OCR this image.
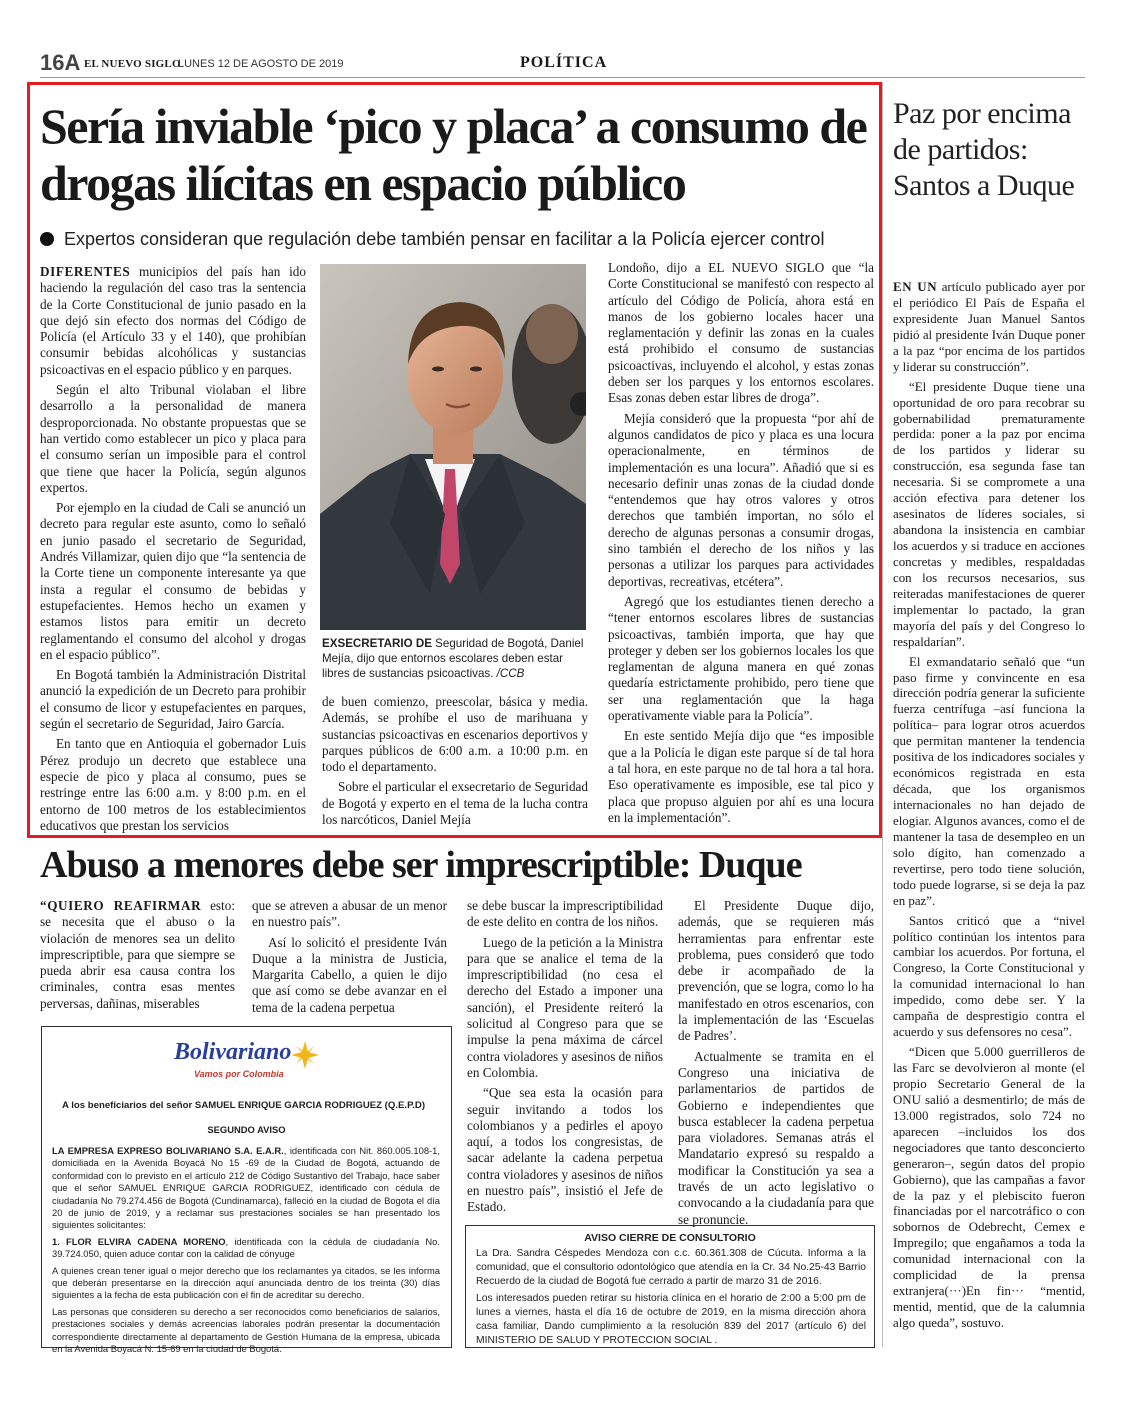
16A EL NUEVO SIGLO
LUNES 12 DE AGOSTO DE 2019	POLÍTICA
Sería inviable ‘pico y placa’ a consumo de drogas ilícitas en espacio público
Expertos consideran que regulación debe también pensar en facilitar a la Policía ejercer control

DIFERENTES municipios del país han ido haciendo la regulación del caso tras la sentencia de la Corte Constitucional de junio pasado en la que dejó sin efecto dos normas del Código de Policía (el Artículo 33 y el 140), que prohibían consumir bebidas alcohólicas y sustancias psicoactivas en el espacio público y en parques.

Según el alto Tribunal violaban el libre desarrollo a la personalidad de manera desproporcionada. No obstante propuestas que se han vertido como establecer un pico y placa para el consumo serían un imposible para el control que tiene que hacer la Policía, según algunos expertos.

Por ejemplo en la ciudad de Cali se anunció un decreto para regular este asunto, como lo señaló en junio pasado el secretario de Seguridad, Andrés Villamizar, quien dijo que “la sentencia de la Corte tiene un componente interesante ya que insta a regular el consumo de bebidas y estupefacientes. Hemos hecho un examen y estamos listos para emitir un decreto reglamentando el consumo del alcohol y drogas en el espacio público”.

En Bogotá también la Administración Distrital anunció la expedición de un Decreto para prohibir el consumo de licor y estupefacientes en parques, según el secretario de Seguridad, Jairo García.

En tanto que en Antioquia el gobernador Luis Pérez produjo un decreto que establece una especie de pico y placa al consumo, pues se restringe entre las 6:00 a.m. y 8:00 p.m. en el entorno de 100 metros de los establecimientos educativos que prestan los servicios

EXSECRETARIO DE Seguridad de Bogotá, Daniel Mejía, dijo que entornos escolares deben estar libres de sustancias psicoactivas. /CCB

de buen comienzo, preescolar, básica y media. Además, se prohíbe el uso de marihuana y sustancias psicoactivas en escenarios deportivos y parques públicos de 6:00 a.m. a 10:00 p.m. en todo el departamento.

Sobre el particular el exsecretario de Seguridad de Bogotá y experto en el tema de la lucha contra los narcóticos, Daniel Mejía

Londoño, dijo a EL NUEVO SIGLO que “la Corte Constitucional se manifestó con respecto al artículo del Código de Policía, ahora está en manos de los gobierno locales hacer una reglamentación y definir las zonas en la cuales está prohibido el consumo de sustancias psicoactivas, incluyendo el alcohol, y estas zonas deben ser los parques y los entornos escolares. Esas zonas deben estar libres de droga”.

Mejía consideró que la propuesta “por ahí de algunos candidatos de pico y placa es una locura operacionalmente, en términos de implementación es una locura”. Añadió que si es necesario definir unas zonas de la ciudad donde “entendemos que hay otros valores y otros derechos que también importan, no sólo el derecho de algunas personas a consumir drogas, sino también el derecho de los niños y las personas a utilizar los parques para actividades deportivas, recreativas, etcétera”.

Agregó que los estudiantes tienen derecho a “tener entornos escolares libres de sustancias psicoactivas, también importa, que hay que proteger y deben ser los gobiernos locales los que reglamentan de alguna manera en qué zonas quedaría estrictamente prohibido, pero tiene que ser una reglamentación que la haga operativamente viable para la Policía”.

En este sentido Mejía dijo que “es imposible que a la Policía le digan este parque sí de tal hora a tal hora, en este parque no de tal hora a tal hora. Eso operativamente es imposible, ese tal pico y placa que propuso alguien por ahí es una locura en la implementación”.

Paz por encima de partidos: Santos a Duque

EN UN artículo publicado ayer por el periódico El País de España el expresidente Juan Manuel Santos pidió al presidente Iván Duque poner a la paz “por encima de los partidos y liderar su construcción”.

“El presidente Duque tiene una oportunidad de oro para recobrar su gobernabilidad prematuramente perdida: poner a la paz por encima de los partidos y liderar su construcción, esa segunda fase tan necesaria. Si se compromete a una acción efectiva para detener los asesinatos de líderes sociales, si abandona la insistencia en cambiar los acuerdos y si traduce en acciones concretas y medibles, respaldadas con los recursos necesarios, sus reiteradas manifestaciones de querer implementar lo pactado, la gran mayoría del país y del Congreso lo respaldarían”.

El exmandatario señaló que “un paso firme y convincente en esa dirección podría generar la suficiente fuerza centrífuga –así funciona la política– para lograr otros acuerdos que permitan mantener la tendencia positiva de los indicadores sociales y económicos registrada en esta década, que los organismos internacionales no han dejado de elogiar. Algunos avances, como el de mantener la tasa de desempleo en un solo dígito, han comenzado a revertirse, pero todo tiene solución, todo puede lograrse, si se deja la paz en paz”.

Santos criticó que a “nivel político continúan los intentos para cambiar los acuerdos. Por fortuna, el Congreso, la Corte Constitucional y la comunidad internacional lo han impedido, como debe ser. Y la campaña de desprestigio contra el acuerdo y sus defensores no cesa”.

“Dicen que 5.000 guerrilleros de las Farc se devolvieron al monte (el propio Secretario General de la ONU salió a desmentirlo; de más de 13.000 registrados, solo 724 no aparecen –incluidos los dos negociadores que tanto desconcierto generaron–, según datos del propio Gobierno), que las campañas a favor de la paz y el plebiscito fueron financiadas por el narcotráfico o con sobornos de Odebrecht, Cemex e Impregilo; que engañamos a toda la comunidad internacional con la complicidad de la prensa extranjera(···)En fin··· “mentid, mentid, mentid, que de la calumnia algo queda”, sostuvo.

Abuso a menores debe ser imprescriptible: Duque

“QUIERO REAFIRMAR esto: se necesita que el abuso o la violación de menores sea un delito imprescriptible, para que siempre se pueda abrir esa causa contra los criminales, contra esas mentes perversas, dañinas, miserables

que se atreven a abusar de un menor en nuestro país”.

Así lo solicitó el presidente Iván Duque a la ministra de Justicia, Margarita Cabello, a quien le dijo que así como se debe avanzar en el tema de la cadena perpetua

se debe buscar la imprescriptibilidad de este delito en contra de los niños.

Luego de la petición a la Ministra para que se analice el tema de la imprescriptibilidad (no cesa el derecho del Estado a imponer una sanción), el Presidente reiteró la solicitud al Congreso para que se impulse la pena máxima de cárcel contra violadores y asesinos de niños en Colombia.

“Que sea esta la ocasión para seguir invitando a todos los colombianos y a pedirles el apoyo aquí, a todos los congresistas, de sacar adelante la cadena perpetua contra violadores y asesinos de niños en nuestro país”, insistió el Jefe de Estado.

El Presidente Duque dijo, además, que se requieren más herramientas para enfrentar este problema, pues consideró que todo debe ir acompañado de la prevención, que se logra, como lo ha manifestado en otros escenarios, con la implementación de las ‘Escuelas de Padres’.

Actualmente se tramita en el Congreso una iniciativa de parlamentarios de partidos de Gobierno e independientes que busca establecer la cadena perpetua para violadores. Semanas atrás el Mandatario expresó su respaldo a modificar la Constitución ya sea a través de un acto legislativo o convocando a la ciudadanía para que se pronuncie.

Bolivariano
Vamos por Colombia
A los beneficiarios del señor SAMUEL ENRIQUE GARCIA RODRIGUEZ (Q.E.P.D)
SEGUNDO AVISO

LA EMPRESA EXPRESO BOLIVARIANO S.A. E.A.R., identificada con Nit. 860.005.108-1, domiciliada en la Avenida Boyacá No 15 -69 de la Ciudad de Bogotá, actuando de conformidad con lo previsto en el artículo 212 de Código Sustantivo del Trabajo, hace saber que el señor SAMUEL ENRIQUE GARCIA RODRIGUEZ, identificado con cédula de ciudadanía No 79.274.456 de Bogotá (Cundinamarca), falleció en la ciudad de Bogota el día 20 de junio de 2019, y a reclamar sus prestaciones sociales se han presentado los siguientes solicitantes:

1. FLOR ELVIRA CADENA MORENO, identificada con la cédula de ciudadanía No. 39.724.050, quien aduce contar con la calidad de cónyuge

A quienes crean tener igual o mejor derecho que los reclamantes ya citados, se les informa que deberán presentarse en la dirección aquí anunciada dentro de los treinta (30) días siguientes a la fecha de esta publicación con el fin de acreditar su derecho.

Las personas que consideren su derecho a ser reconocidos como beneficiarios de salarios, prestaciones sociales y demás acreencias laborales podrán presentar la documentación correspondiente directamente al departamento de Gestión Humana de la empresa, ubicada en la Avenida Boyacá N. 15-69 en la ciudad de Bogotá.

AVISO CIERRE DE CONSULTORIO

La Dra. Sandra Céspedes Mendoza con c.c. 60.361.308 de Cúcuta. Informa a la comunidad, que el consultorio odontológico que atendía en la Cr. 34 No.25-43 Barrio Recuerdo de la ciudad de Bogotá fue cerrado a partir de marzo 31 de 2016.

Los interesados pueden retirar su historia clínica en el horario de 2:00 a 5:00 pm de lunes a viernes, hasta el día 16 de octubre de 2019, en la misma dirección ahora casa familiar, Dando cumplimiento a la resolución 839 del 2017 (artículo 6) del MINISTERIO DE SALUD Y PROTECCION SOCIAL .
